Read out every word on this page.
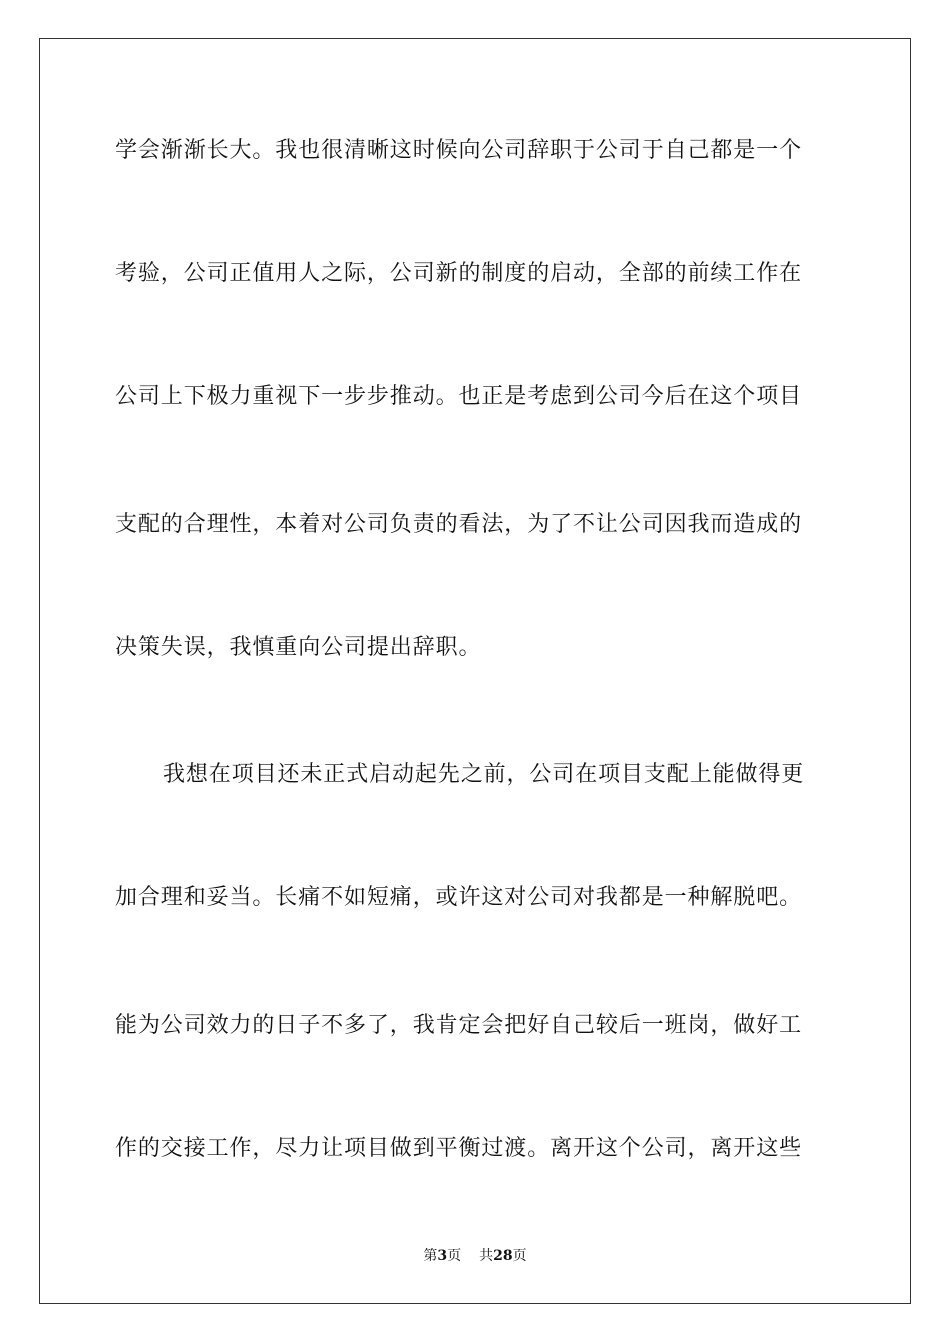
学会渐渐长大。我也很清晰这时候向公司辞职于公司于自己都是一个
考验，公司正值用人之际，公司新的制度的启动，全部的前续工作在
公司上下极力重视下一步步推动。也正是考虑到公司今后在这个项目
支配的合理性，本着对公司负责的看法，为了不让公司因我而造成的
决策失误，我慎重向公司提出辞职。
我想在项目还未正式启动起先之前，公司在项目支配上能做得更
加合理和妥当。长痛不如短痛，或许这对公司对我都是一种解脱吧。
能为公司效力的日子不多了，我肯定会把好自己较后一班岗，做好工
作的交接工作，尽力让项目做到平衡过渡。离开这个公司，离开这些
第3页 共28页
